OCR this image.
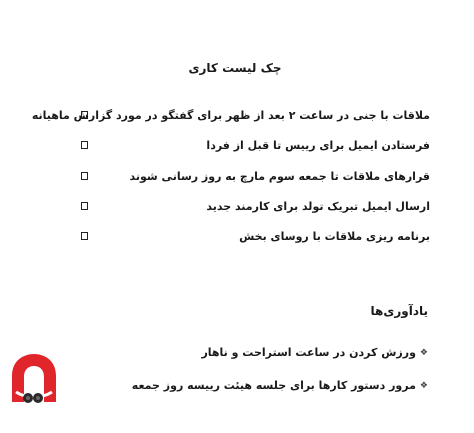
چک لیست کاری
ملاقات با جنی در ساعت ۲ بعد از ظهر برای گفتگو در مورد گزارش ماهیانه
فرستادن ایمیل برای رییس تا قبل از فردا
قرارهای ملاقات تا جمعه سوم مارچ به روز رسانی شوند
ارسال ایمیل تبریک تولد برای کارمند جدید
برنامه ریزی ملاقات با روسای بخش
یادآوری‌ها
❖ورزش کردن در ساعت استراحت و ناهار
❖مرور دستور کارها برای جلسه هیئت رییسه روز جمعه
